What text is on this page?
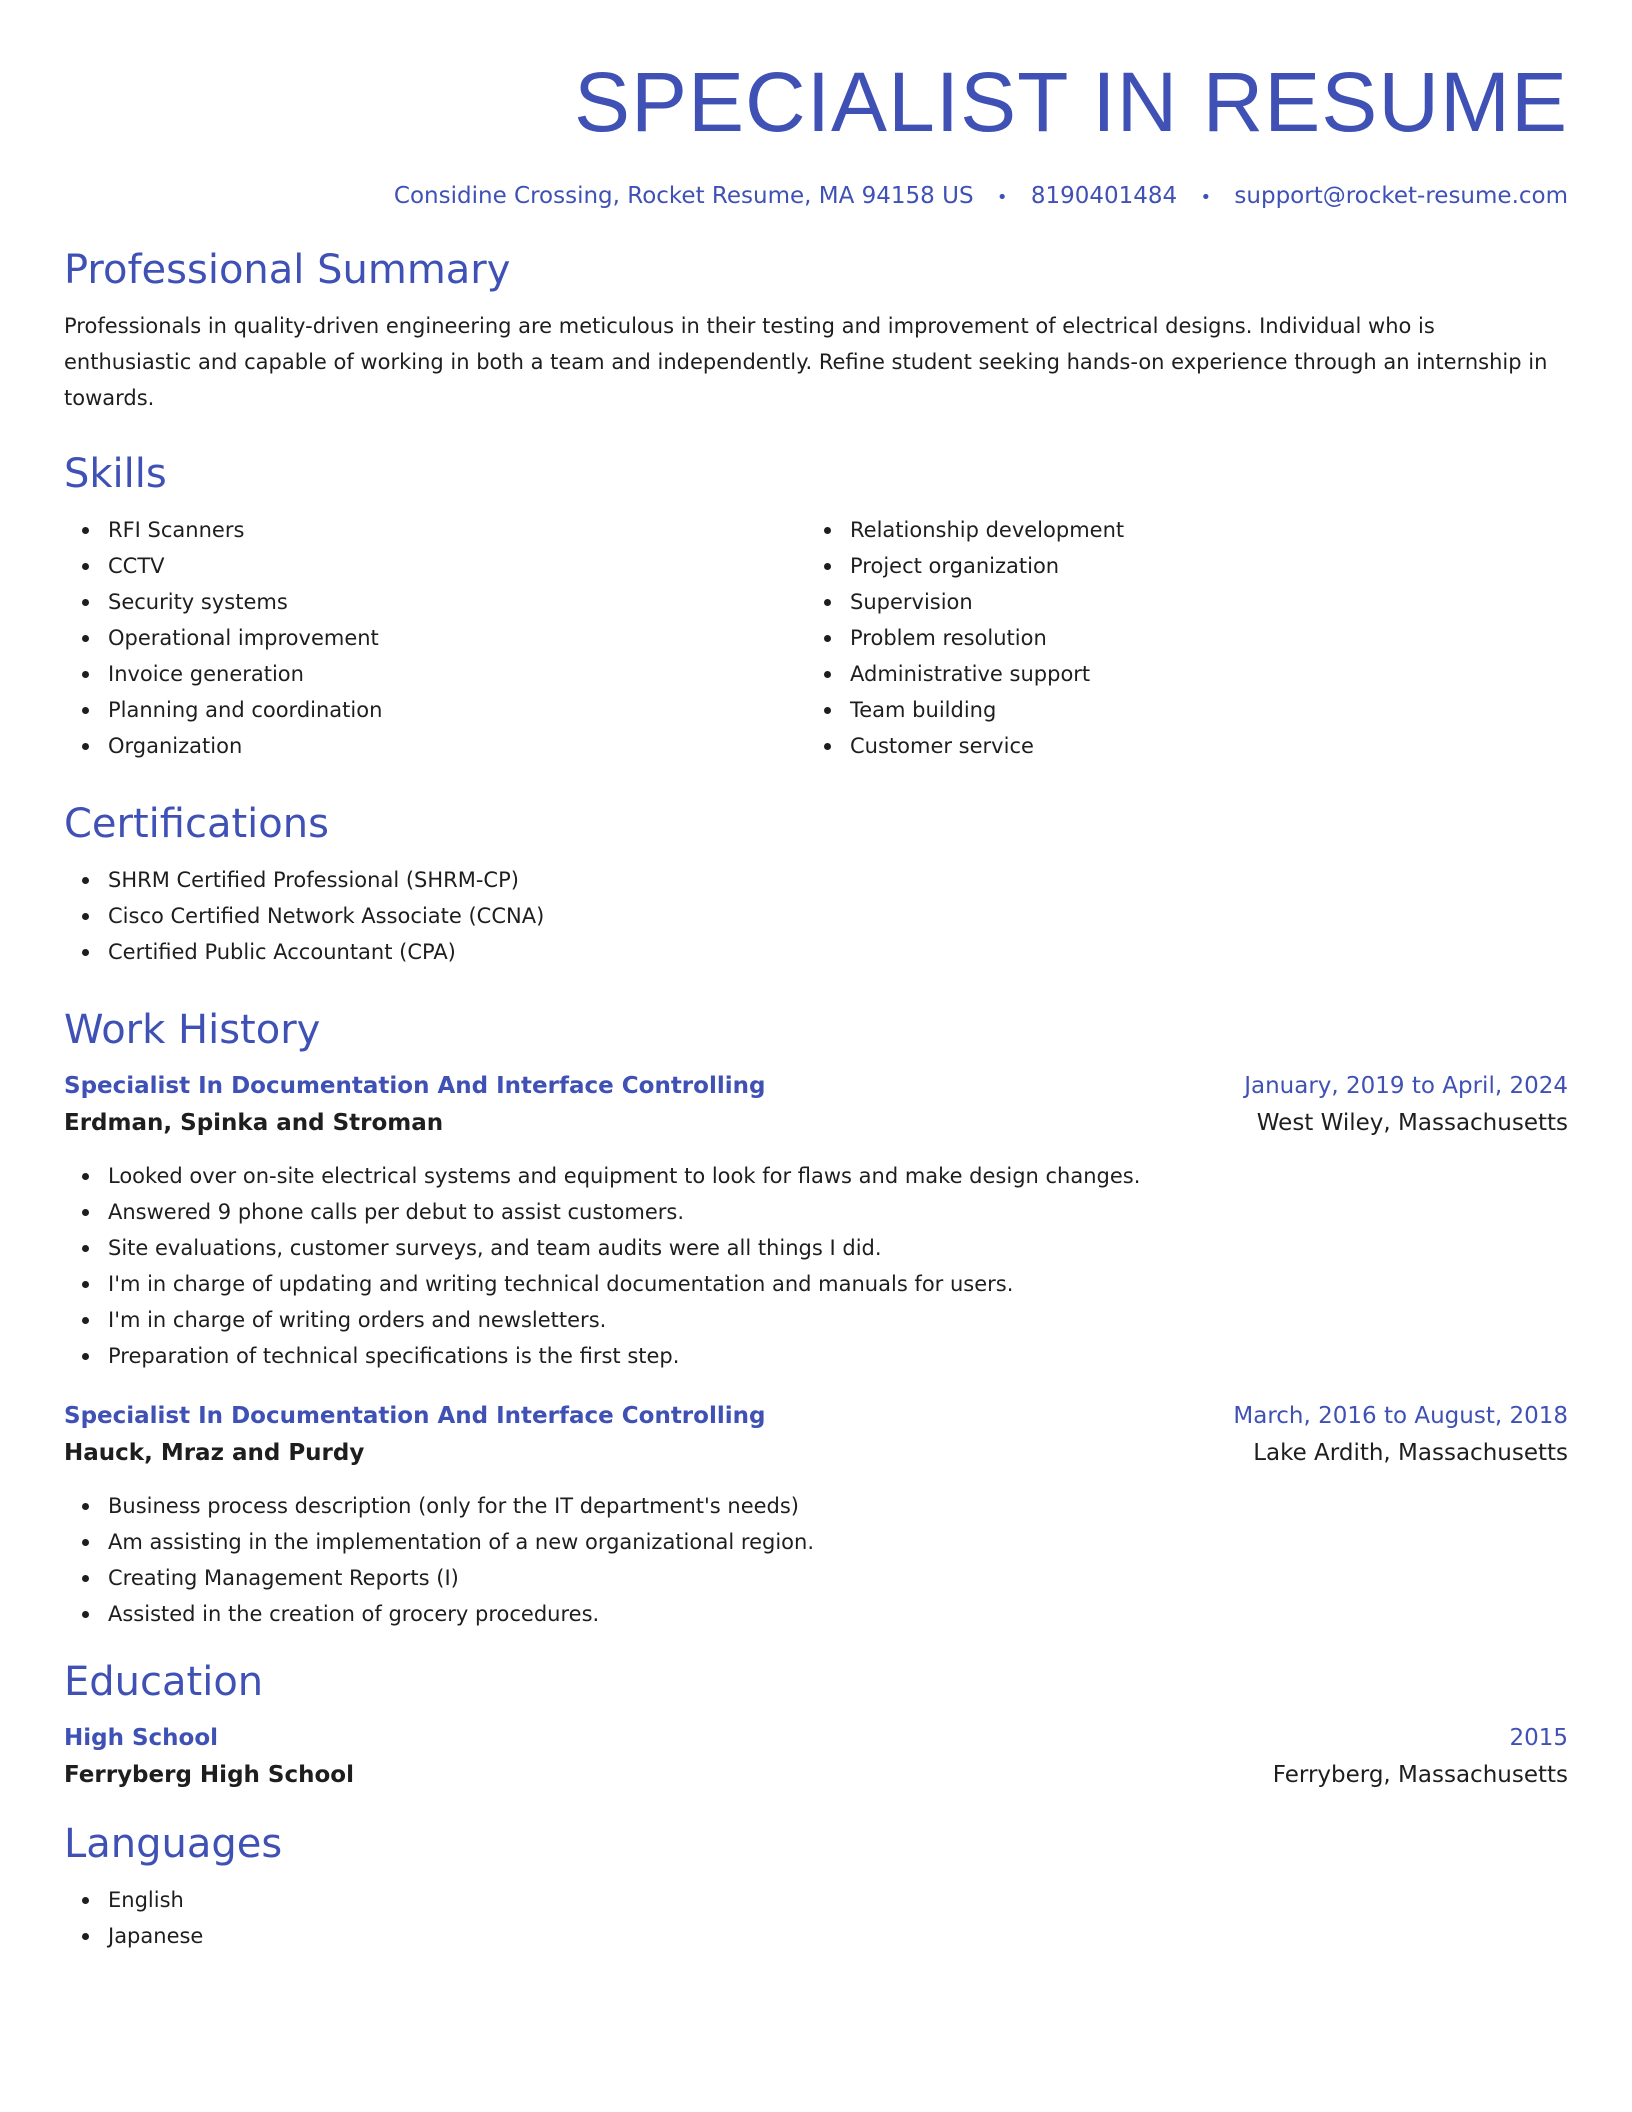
SPECIALIST IN RESUME
Considine Crossing, Rocket Resume, MA 94158 US • 8190401484 • support@rocket-resume.com
Professional Summary

Professionals in quality-driven engineering are meticulous in their testing and improvement of electrical designs. Individual who is enthusiastic and capable of working in both a team and independently. Refine student seeking hands-on experience through an internship in towards.

Skills
RFI Scanners
CCTV
Security systems
Operational improvement
Invoice generation
Planning and coordination
Organization
Relationship development
Project organization
Supervision
Problem resolution
Administrative support
Team building
Customer service
Certifications
SHRM Certified Professional (SHRM-CP)
Cisco Certified Network Associate (CCNA)
Certified Public Accountant (CPA)
Work History
Specialist In Documentation And Interface Controlling	January, 2019 to April, 2024
Erdman, Spinka and Stroman	West Wiley, Massachusetts
Looked over on-site electrical systems and equipment to look for flaws and make design changes.
Answered 9 phone calls per debut to assist customers.
Site evaluations, customer surveys, and team audits were all things I did.
I'm in charge of updating and writing technical documentation and manuals for users.
I'm in charge of writing orders and newsletters.
Preparation of technical specifications is the first step.
Specialist In Documentation And Interface Controlling	March, 2016 to August, 2018
Hauck, Mraz and Purdy	Lake Ardith, Massachusetts
Business process description (only for the IT department's needs)
Am assisting in the implementation of a new organizational region.
Creating Management Reports (I)
Assisted in the creation of grocery procedures.
Education
High School	2015
Ferryberg High School	Ferryberg, Massachusetts
Languages
English
Japanese
